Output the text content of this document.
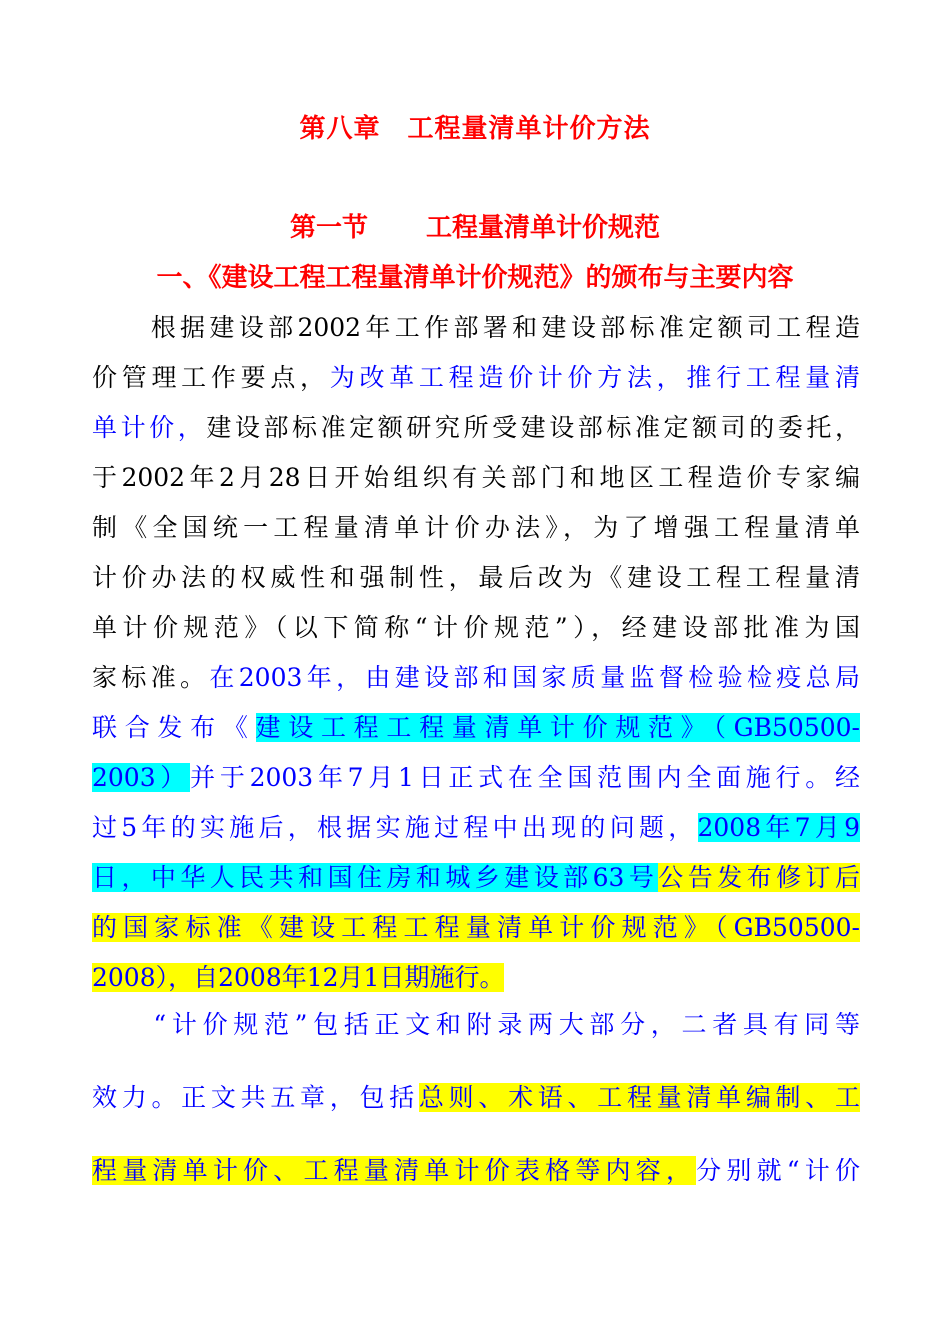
第八章　工程量清单计价方法
第一节 工程量清单计价规范
一、《建设工程工程量清单计价规范》的颁布与主要内容
　　根据建设部2002年工作部署和建设部标准定额司工程造
价管理工作要点，为改革工程造价计价方法，推行工程量清
单计价，建设部标准定额研究所受建设部标准定额司的委托，
于2002年2月28日开始组织有关部门和地区工程造价专家编
制《全国统一工程量清单计价办法》，为了增强工程量清单
计价办法的权威性和强制性，最后改为《建设工程工程量清
单计价规范》（以下简称“计价规范”），经建设部批准为国
家标准。在2003年，由建设部和国家质量监督检验检疫总局
联合发布《建设工程工程量清单计价规范》（GB50500-
2003）并于2003年7月1日正式在全国范围内全面施行。经
过5年的实施后，根据实施过程中出现的问题，2008年7月9
日，中华人民共和国住房和城乡建设部63号公告发布修订后
的国家标准《建设工程工程量清单计价规范》（GB50500-
2008），自2008年12月1日期施行。
　　“计价规范”包括正文和附录两大部分，二者具有同等
效力。正文共五章，包括总则、术语、工程量清单编制、工
程量清单计价、工程量清单计价表格等内容，分别就“计价
